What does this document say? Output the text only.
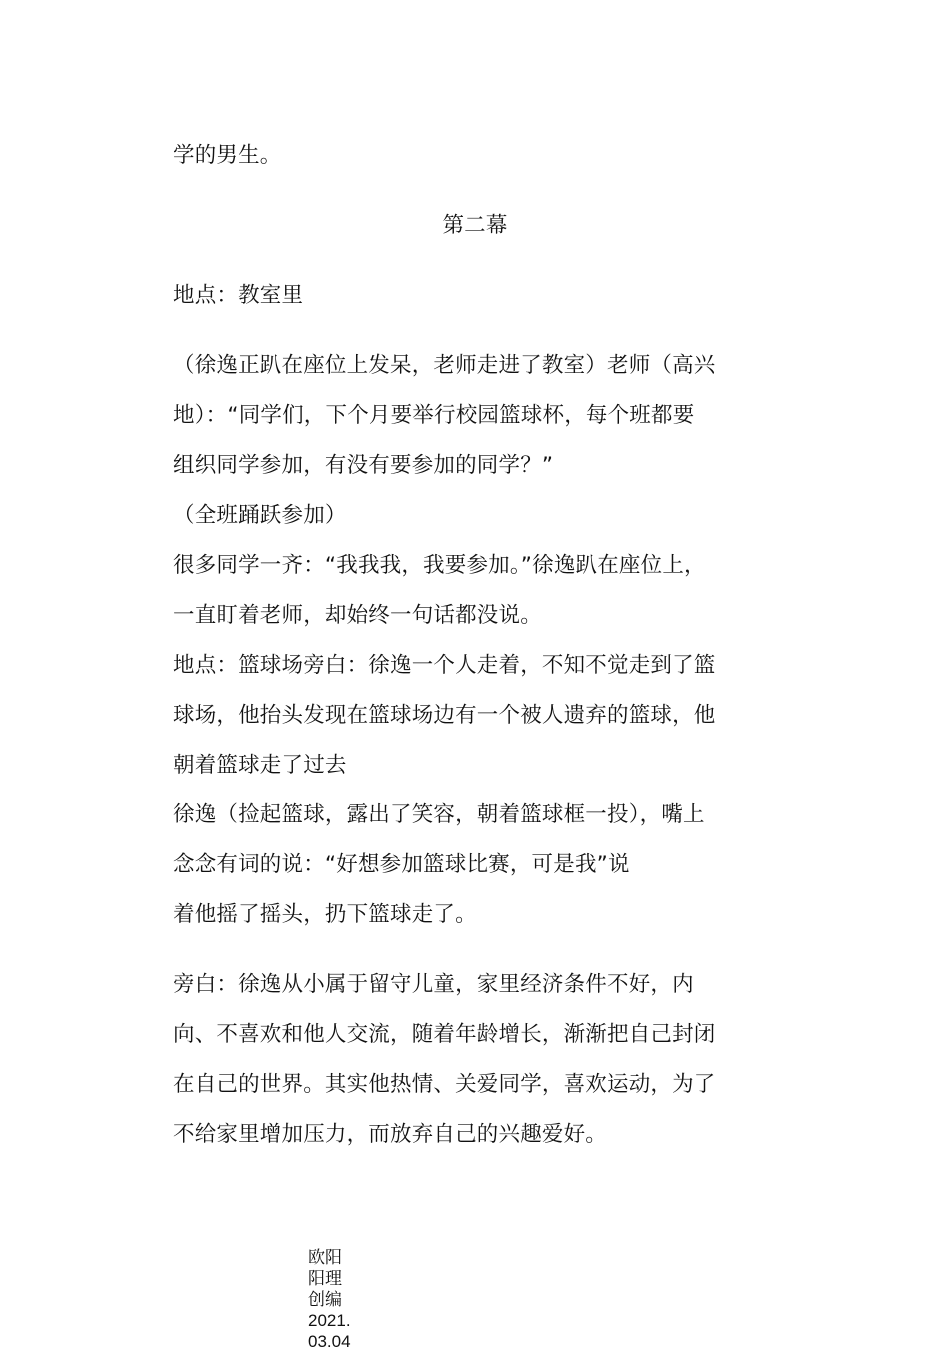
学的男生。
第二幕
地点：教室里
（徐逸正趴在座位上发呆，老师走进了教室）老师（高兴
地）：“同学们，下个月要举行校园篮球杯，每个班都要
组织同学参加，有没有要参加的同学？”
（全班踊跃参加）
很多同学一齐：“我我我，我要参加。”徐逸趴在座位上，
一直盯着老师，却始终一句话都没说。
地点：篮球场旁白：徐逸一个人走着，不知不觉走到了篮
球场，他抬头发现在篮球场边有一个被人遗弃的篮球，他
朝着篮球走了过去
徐逸（捡起篮球，露出了笑容，朝着篮球框一投），嘴上
念念有词的说：“好想参加篮球比赛，可是我”说
着他摇了摇头，扔下篮球走了。
旁白：徐逸从小属于留守儿童，家里经济条件不好，内
向、不喜欢和他人交流，随着年龄增长，渐渐把自己封闭
在自己的世界。其实他热情、关爱同学，喜欢运动，为了
不给家里增加压力，而放弃自己的兴趣爱好。
欧阳
阳理
创编
2021.
03.04
